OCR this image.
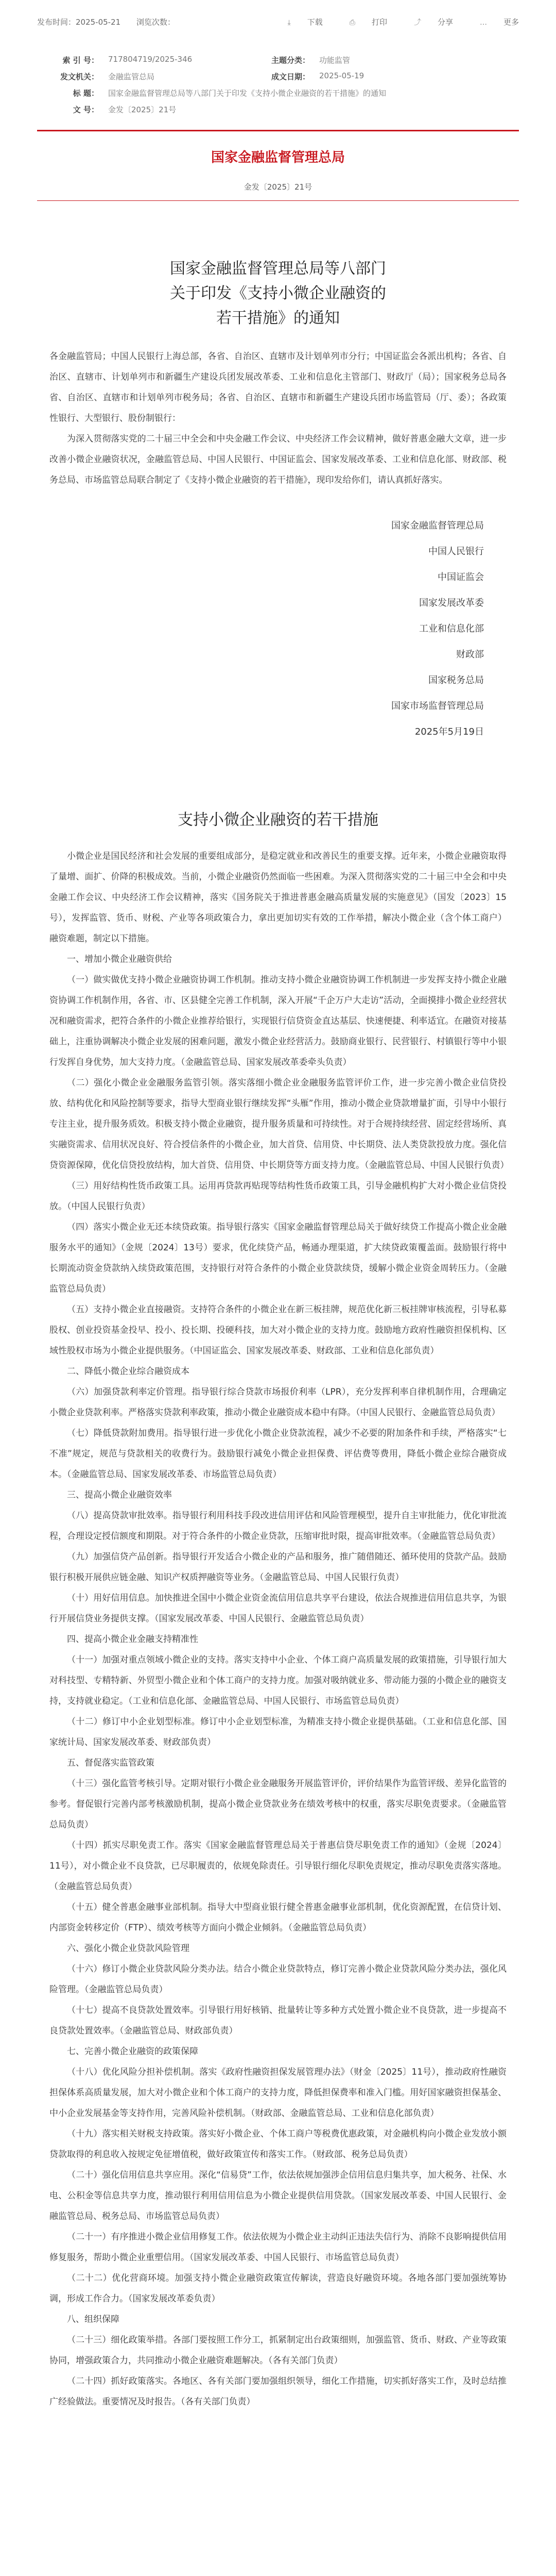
发布时间：2025-05-21 浏览次数：	⤓ 下载	⎙ 打印	⤴ 分享	… 更多
索 引 号： 717804719/2025-346	主题分类： 功能监管
发文机关： 金融监管总局	成文日期： 2025-05-19
标 题： 国家金融监督管理总局等八部门关于印发《支持小微企业融资的若干措施》的通知
文 号： 金发〔2025〕21号
国家金融监督管理总局
金发〔2025〕21号
国家金融监督管理总局等八部门
关于印发《支持小微企业融资的
若干措施》的通知

各金融监管局；中国人民银行上海总部，各省、自治区、直辖市及计划单列市分行；中国证监会各派出机构；各省、自治区、直辖市、计划单列市和新疆生产建设兵团发展改革委、工业和信息化主管部门、财政厅（局）；国家税务总局各省、自治区、直辖市和计划单列市税务局；各省、自治区、直辖市和新疆生产建设兵团市场监管局（厅、委）；各政策性银行、大型银行、股份制银行：

为深入贯彻落实党的二十届三中全会和中央金融工作会议、中央经济工作会议精神，做好普惠金融大文章，进一步改善小微企业融资状况，金融监管总局、中国人民银行、中国证监会、国家发展改革委、工业和信息化部、财政部、税务总局、市场监管总局联合制定了《支持小微企业融资的若干措施》，现印发给你们，请认真抓好落实。

国家金融监督管理总局
中国人民银行
中国证监会
国家发展改革委
工业和信息化部
财政部
国家税务总局
国家市场监督管理总局
2025年5月19日
支持小微企业融资的若干措施

小微企业是国民经济和社会发展的重要组成部分，是稳定就业和改善民生的重要支撑。近年来，小微企业融资取得了量增、面扩、价降的积极成效。当前，小微企业融资仍然面临一些困难。为深入贯彻落实党的二十届三中全会和中央金融工作会议、中央经济工作会议精神，落实《国务院关于推进普惠金融高质量发展的实施意见》（国发〔2023〕15号），发挥监管、货币、财税、产业等各项政策合力，拿出更加切实有效的工作举措，解决小微企业（含个体工商户）融资难题，制定以下措施。

一、增加小微企业融资供给

（一）做实做优支持小微企业融资协调工作机制。推动支持小微企业融资协调工作机制进一步发挥支持小微企业融资协调工作机制作用，各省、市、区县健全完善工作机制，深入开展“千企万户大走访”活动，全面摸排小微企业经营状况和融资需求，把符合条件的小微企业推荐给银行，实现银行信贷资金直达基层、快速便捷、利率适宜。在融资对接基础上，注重协调解决小微企业发展的困难问题，激发小微企业经营活力。鼓励商业银行、民营银行、村镇银行等中小银行发挥自身优势，加大支持力度。（金融监管总局、国家发展改革委牵头负责）

（二）强化小微企业金融服务监管引领。落实落细小微企业金融服务监管评价工作，进一步完善小微企业信贷投放、结构优化和风险控制等要求，指导大型商业银行继续发挥“头雁”作用，推动小微企业贷款增量扩面，引导中小银行专注主业，提升服务质效。积极支持小微企业融资，提升服务质量和可持续性。对于合规持续经营、固定经营场所、真实融资需求、信用状况良好、符合授信条件的小微企业，加大首贷、信用贷、中长期贷、法人类贷款投放力度。强化信贷资源保障，优化信贷投放结构，加大首贷、信用贷、中长期贷等方面支持力度。（金融监管总局、中国人民银行负责）

（三）用好结构性货币政策工具。运用再贷款再贴现等结构性货币政策工具，引导金融机构扩大对小微企业信贷投放。（中国人民银行负责）

（四）落实小微企业无还本续贷政策。指导银行落实《国家金融监督管理总局关于做好续贷工作提高小微企业金融服务水平的通知》（金规〔2024〕13号）要求，优化续贷产品，畅通办理渠道，扩大续贷政策覆盖面。鼓励银行将中长期流动资金贷款纳入续贷政策范围，支持银行对符合条件的小微企业贷款续贷，缓解小微企业资金周转压力。（金融监管总局负责）

（五）支持小微企业直接融资。支持符合条件的小微企业在新三板挂牌，规范优化新三板挂牌审核流程，引导私募股权、创业投资基金投早、投小、投长期、投硬科技，加大对小微企业的支持力度。鼓励地方政府性融资担保机构、区域性股权市场为小微企业提供服务。（中国证监会、国家发展改革委、财政部、工业和信息化部负责）

二、降低小微企业综合融资成本

（六）加强贷款利率定价管理。指导银行综合贷款市场报价利率（LPR），充分发挥利率自律机制作用，合理确定小微企业贷款利率。严格落实贷款利率政策，推动小微企业融资成本稳中有降。（中国人民银行、金融监管总局负责）

（七）降低贷款附加费用。指导银行进一步优化小微企业贷款流程，减少不必要的附加条件和手续，严格落实“七不准”规定，规范与贷款相关的收费行为。鼓励银行减免小微企业担保费、评估费等费用，降低小微企业综合融资成本。（金融监管总局、国家发展改革委、市场监管总局负责）

三、提高小微企业融资效率

（八）提高贷款审批效率。指导银行利用科技手段改进信用评估和风险管理模型，提升自主审批能力，优化审批流程，合理设定授信额度和期限。对于符合条件的小微企业贷款，压缩审批时限，提高审批效率。（金融监管总局负责）

（九）加强信贷产品创新。指导银行开发适合小微企业的产品和服务，推广随借随还、循环使用的贷款产品。鼓励银行积极开展供应链金融、知识产权质押融资等业务。（金融监管总局、中国人民银行负责）

（十）用好信用信息。加快推进全国中小微企业资金流信用信息共享平台建设，依法合规推进信用信息共享，为银行开展信贷业务提供支撑。（国家发展改革委、中国人民银行、金融监管总局负责）

四、提高小微企业金融支持精准性

（十一）加强对重点领域小微企业的支持。落实支持中小企业、个体工商户高质量发展的政策措施，引导银行加大对科技型、专精特新、外贸型小微企业和个体工商户的支持力度。加强对吸纳就业多、带动能力强的小微企业的融资支持，支持就业稳定。（工业和信息化部、金融监管总局、中国人民银行、市场监管总局负责）

（十二）修订中小企业划型标准。修订中小企业划型标准，为精准支持小微企业提供基础。（工业和信息化部、国家统计局、国家发展改革委、财政部负责）

五、督促落实监管政策

（十三）强化监管考核引导。定期对银行小微企业金融服务开展监管评价，评价结果作为监管评级、差异化监管的参考。督促银行完善内部考核激励机制，提高小微企业贷款业务在绩效考核中的权重，落实尽职免责要求。（金融监管总局负责）

（十四）抓实尽职免责工作。落实《国家金融监督管理总局关于普惠信贷尽职免责工作的通知》（金规〔2024〕11号），对小微企业不良贷款，已尽职履责的，依规免除责任。引导银行细化尽职免责规定，推动尽职免责落实落地。（金融监管总局负责）

（十五）健全普惠金融事业部机制。指导大中型商业银行健全普惠金融事业部机制，优化资源配置，在信贷计划、内部资金转移定价（FTP）、绩效考核等方面向小微企业倾斜。（金融监管总局负责）

六、强化小微企业贷款风险管理

（十六）修订小微企业贷款风险分类办法。结合小微企业贷款特点，修订完善小微企业贷款风险分类办法，强化风险管理。（金融监管总局负责）

（十七）提高不良贷款处置效率。引导银行用好核销、批量转让等多种方式处置小微企业不良贷款，进一步提高不良贷款处置效率。（金融监管总局、财政部负责）

七、完善小微企业融资的政策保障

（十八）优化风险分担补偿机制。落实《政府性融资担保发展管理办法》（财金〔2025〕11号），推动政府性融资担保体系高质量发展，加大对小微企业和个体工商户的支持力度，降低担保费率和准入门槛。用好国家融资担保基金、中小企业发展基金等支持作用，完善风险补偿机制。（财政部、金融监管总局、工业和信息化部负责）

（十九）落实相关财税支持政策。落实好小微企业、个体工商户等税费优惠政策，对金融机构向小微企业发放小额贷款取得的利息收入按规定免征增值税，做好政策宣传和落实工作。（财政部、税务总局负责）

（二十）强化信用信息共享应用。深化“信易贷”工作，依法依规加强涉企信用信息归集共享，加大税务、社保、水电、公积金等信息共享力度，推动银行利用信用信息为小微企业提供信用贷款。（国家发展改革委、中国人民银行、金融监管总局、税务总局、市场监管总局负责）

（二十一）有序推进小微企业信用修复工作。依法依规为小微企业主动纠正违法失信行为、消除不良影响提供信用修复服务，帮助小微企业重塑信用。（国家发展改革委、中国人民银行、市场监管总局负责）

（二十二）优化营商环境。加强支持小微企业融资政策宣传解读，营造良好融资环境。各地各部门要加强统筹协调，形成工作合力。（国家发展改革委负责）

八、组织保障

（二十三）细化政策举措。各部门要按照工作分工，抓紧制定出台政策细则，加强监管、货币、财政、产业等政策协同，增强政策合力，共同推动小微企业融资难题解决。（各有关部门负责）

（二十四）抓好政策落实。各地区、各有关部门要加强组织领导，细化工作措施，切实抓好落实工作，及时总结推广经验做法。重要情况及时报告。（各有关部门负责）
